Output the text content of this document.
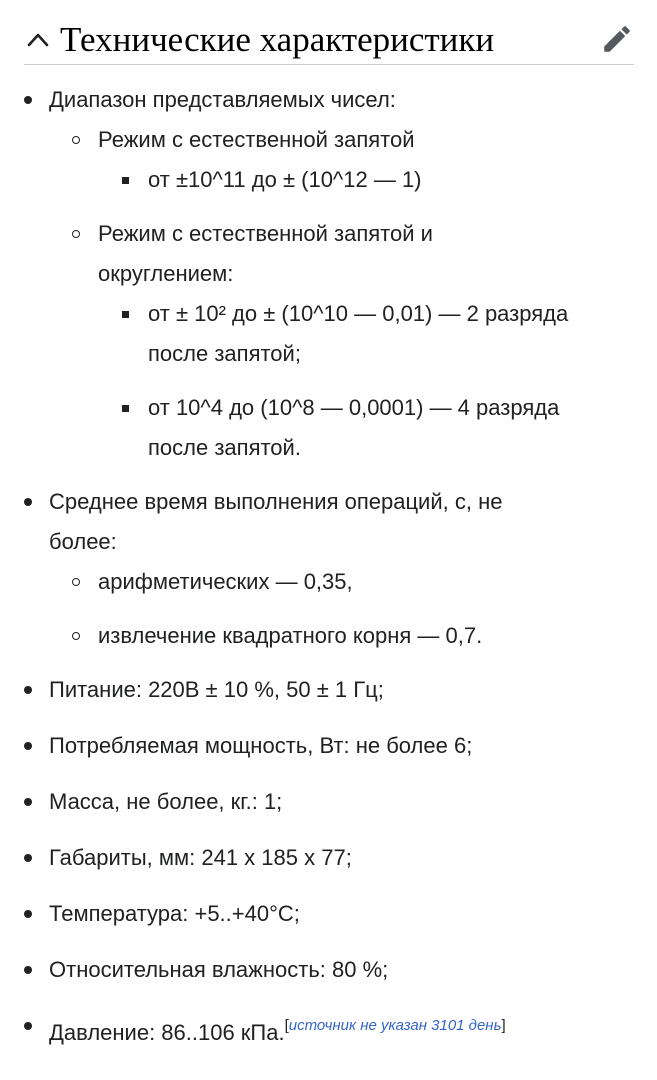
Технические характеристики
Диапазон представляемых чисел:
Режим с естественной запятой
от ±10^11 до ± (10^12 — 1)
Режим с естественной запятой и
округлением:
от ± 10² до ± (10^10 — 0,01) — 2 разряда
после запятой;
от 10^4 до (10^8 — 0,0001) — 4 разряда
после запятой.
Среднее время выполнения операций, с, не
более:
арифметических — 0,35,
извлечение квадратного корня — 0,7.
Питание: 220В ± 10 %, 50 ± 1 Гц;
Потребляемая мощность, Вт: не более 6;
Масса, не более, кг.: 1;
Габариты, мм: 241 х 185 х 77;
Температура: +5..+40°C;
Относительная влажность: 80 %;
Давление: 86..106 кПа.[источник не указан 3101 день]
